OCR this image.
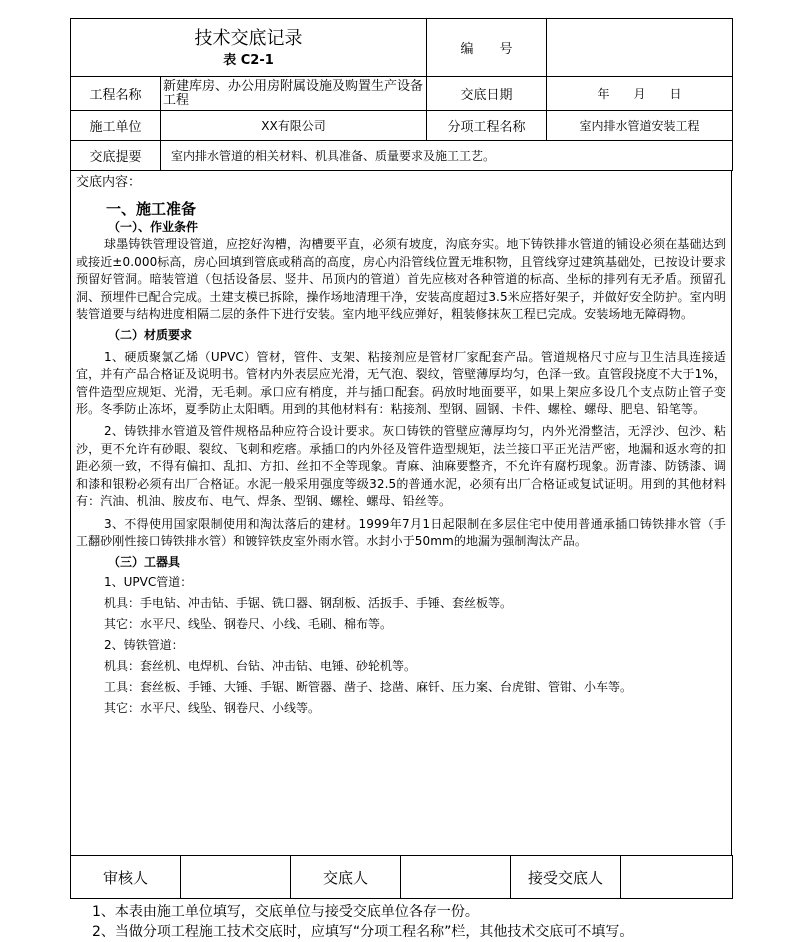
技术交底记录
表 C2-1		编　　号	
工程名称	新建库房、办公用房附属设施及购置生产设备工程	交底日期	年　　月　　日
施工单位	XX有限公司	分项工程名称	室内排水管道安装工程
交底提要	室内排水管道的相关材料、机具准备、质量要求及施工工艺。		
交底内容：
一、施工准备
（一）、作业条件

球墨铸铁管理设管道，应挖好沟槽，沟槽要平直，必须有坡度，沟底夯实。地下铸铁排水管道的铺设必须在基础达到或接近±0.000标高，房心回填到管底或稍高的高度，房心内沿管线位置无堆积物，且管线穿过建筑基础处，已按设计要求预留好管洞。暗装管道（包括设备层、竖井、吊顶内的管道）首先应核对各种管道的标高、坐标的排列有无矛盾。预留孔洞、预埋件已配合完成。土建支模已拆除，操作场地清理干净，安装高度超过3.5米应搭好架子，并做好安全防护。室内明装管道要与结构进度相隔二层的条件下进行安装。室内地平线应弹好，粗装修抹灰工程已完成。安装场地无障碍物。

（二）材质要求

1、硬质聚氯乙烯（UPVC）管材，管件、支架、粘接剂应是管材厂家配套产品。管道规格尺寸应与卫生洁具连接适宜，并有产品合格证及说明书。管材内外表层应光滑，无气泡、裂纹，管壁薄厚均匀，色泽一致。直管段挠度不大于1%，管件造型应规矩、光滑，无毛刺。承口应有梢度，并与插口配套。码放时地面要平，如果上架应多设几个支点防止管子变形。冬季防止冻坏，夏季防止太阳晒。用到的其他材料有：粘接剂、型钢、圆钢、卡件、螺栓、螺母、肥皂、铅笔等。

2、铸铁排水管道及管件规格品种应符合设计要求。灰口铸铁的管壁应薄厚均匀，内外光滑整洁，无浮沙、包沙、粘沙，更不允许有砂眼、裂纹、飞刺和疙瘩。承插口的内外径及管件造型规矩，法兰接口平正光洁严密，地漏和返水弯的扣距必须一致，不得有偏扣、乱扣、方扣、丝扣不全等现象。青麻、油麻要整齐，不允许有腐朽现象。沥青漆、防锈漆、调和漆和银粉必须有出厂合格证。水泥一般采用强度等级32.5的普通水泥，必须有出厂合格证或复试证明。用到的其他材料有：汽油、机油、胺皮布、电气、焊条、型钢、螺栓、螺母、铅丝等。

3、不得使用国家限制使用和淘汰落后的建材。1999年7月1日起限制在多层住宅中使用普通承插口铸铁排水管（手工翻砂刚性接口铸铁排水管）和镀锌铁皮室外雨水管。水封小于50mm的地漏为强制淘汰产品。

（三）工器具

1、UPVC管道：

机具：手电钻、冲击钻、手锯、铣口器、钢刮板、活扳手、手锤、套丝板等。

其它：水平尺、线坠、钢卷尺、小线、毛刷、棉布等。

2、铸铁管道：

机具：套丝机、电焊机、台钻、冲击钻、电锤、砂轮机等。

工具：套丝板、手锤、大锤、手锯、断管器、凿子、捻凿、麻钎、压力案、台虎钳、管钳、小车等。

其它：水平尺、线坠、钢卷尺、小线等。

审核人		交底人		接受交底人	
1、本表由施工单位填写，交底单位与接受交底单位各存一份。
2、当做分项工程施工技术交底时，应填写“分项工程名称”栏，其他技术交底可不填写。
